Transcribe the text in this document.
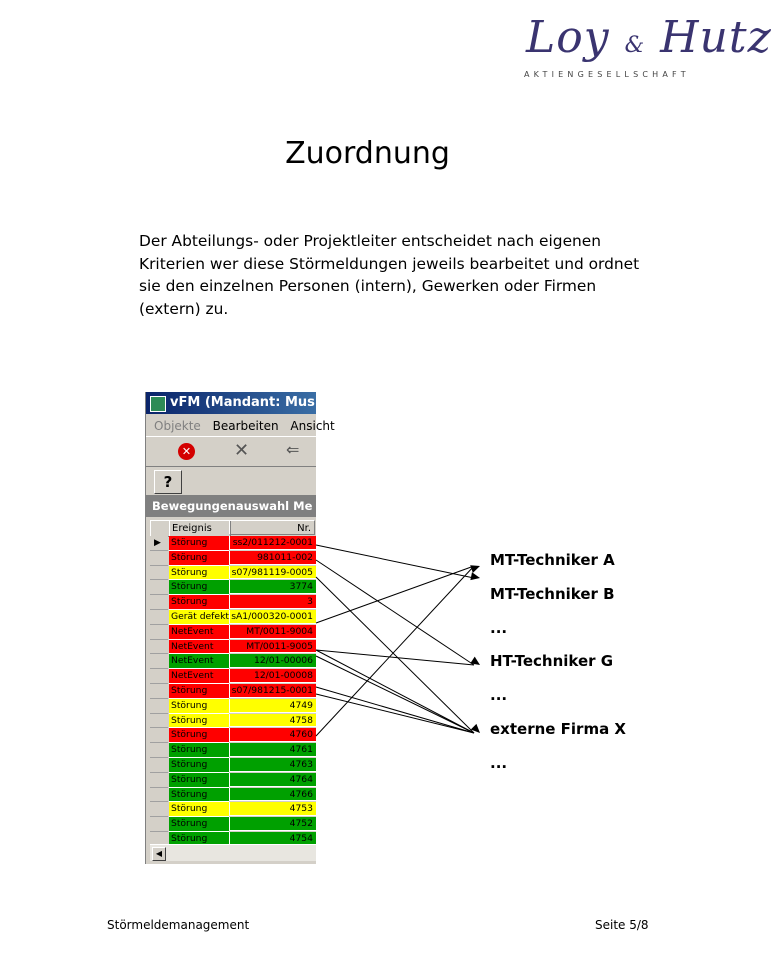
Loy & Hutz
AKTIENGESELLSCHAFT
Zuordnung
Der Abteilungs- oder Projektleiter entscheidet nach eigenen Kriterien wer diese Störmeldungen jeweils bearbeitet und ordnet sie den einzelnen Personen (intern), Gewerken oder Firmen (extern) zu.
vFM (Mandant: Mus
Objekte Bearbeiten Ansicht
✕ ✕ ⇐
?
Bewegungenauswahl Me
Ereignis	Nr.
▶ Störung	ss2/011212-0001
Störung	981011-002
Störung	s07/981119-0005
Störung	3774
Störung	3
Gerät defekt sA1/000320-0001
NetEvent	MT/0011-9004
NetEvent	MT/0011-9005
NetEvent	12/01-00006
NetEvent	12/01-00008
Störung	s07/981215-0001
Störung	4749
Störung	4758
Störung	4760
Störung	4761
Störung	4763
Störung	4764
Störung	4766
Störung	4753
Störung	4752
Störung	4754
◀
MT-Techniker A
MT-Techniker B
...
HT-Techniker G
...
externe Firma X
...
Störmeldemanagement	Seite 5/8
